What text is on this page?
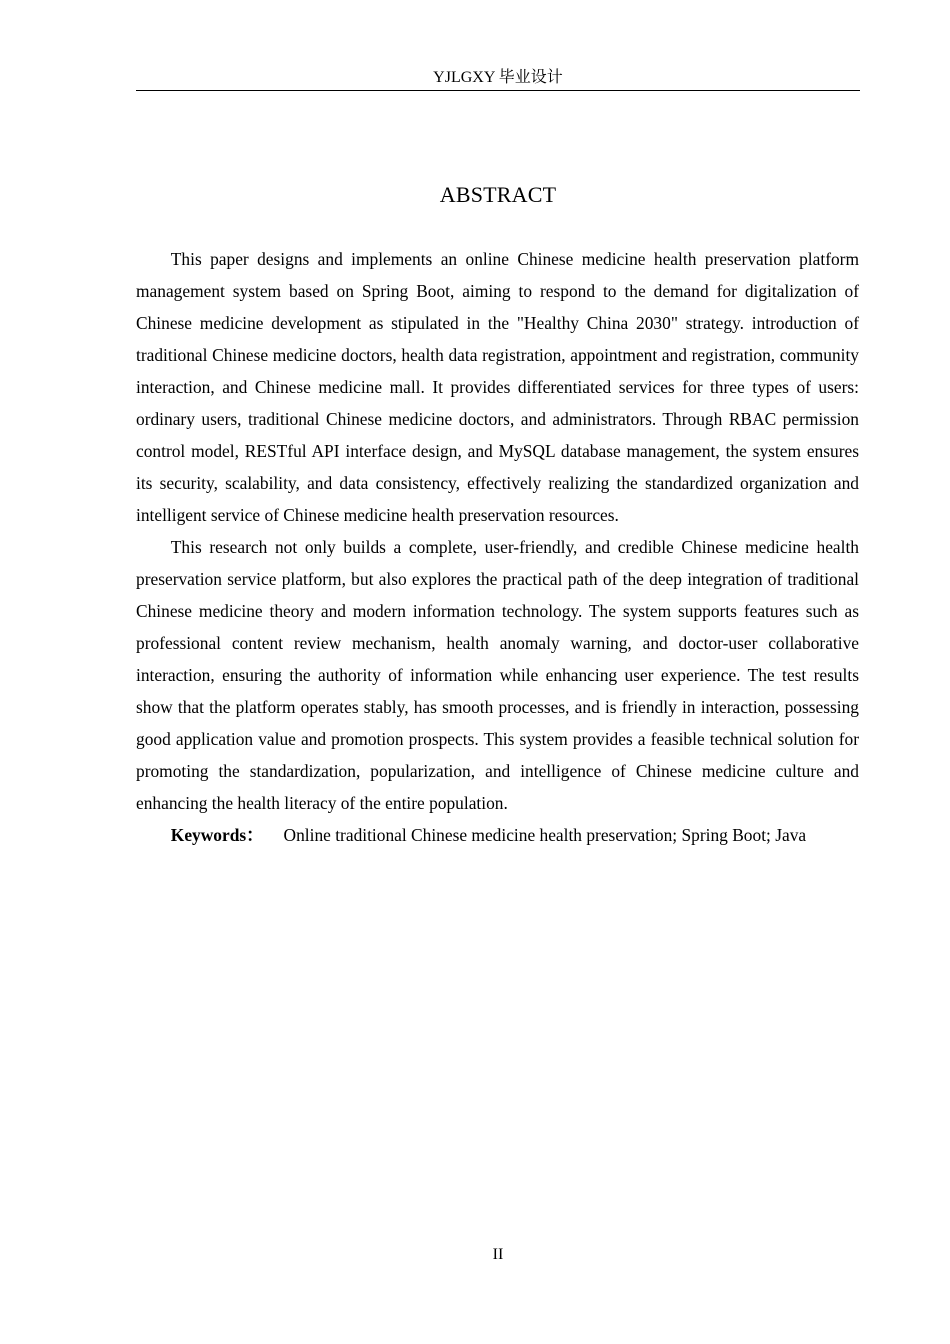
YJLGXY 毕业设计
ABSTRACT

This paper designs and implements an online Chinese medicine health preservation platform management system based on Spring Boot, aiming to respond to the demand for digitalization of Chinese medicine development as stipulated in the "Healthy China 2030" strategy. introduction of traditional Chinese medicine doctors, health data registration, appointment and registration, community interaction, and Chinese medicine mall. It provides differentiated services for three types of users: ordinary users, traditional Chinese medicine doctors, and administrators. Through RBAC permission control model, RESTful API interface design, and MySQL database management, the system ensures its security, scalability, and data consistency, effectively realizing the standardized organization and intelligent service of Chinese medicine health preservation resources.

This research not only builds a complete, user-friendly, and credible Chinese medicine health preservation service platform, but also explores the practical path of the deep integration of traditional Chinese medicine theory and modern information technology. The system supports features such as professional content review mechanism, health anomaly warning, and doctor-user collaborative interaction, ensuring the authority of information while enhancing user experience. The test results show that the platform operates stably, has smooth processes, and is friendly in interaction, possessing good application value and promotion prospects. This system provides a feasible technical solution for promoting the standardization, popularization, and intelligence of Chinese medicine culture and enhancing the health literacy of the entire population.

Keywords： Online traditional Chinese medicine health preservation; Spring Boot; Java

II
